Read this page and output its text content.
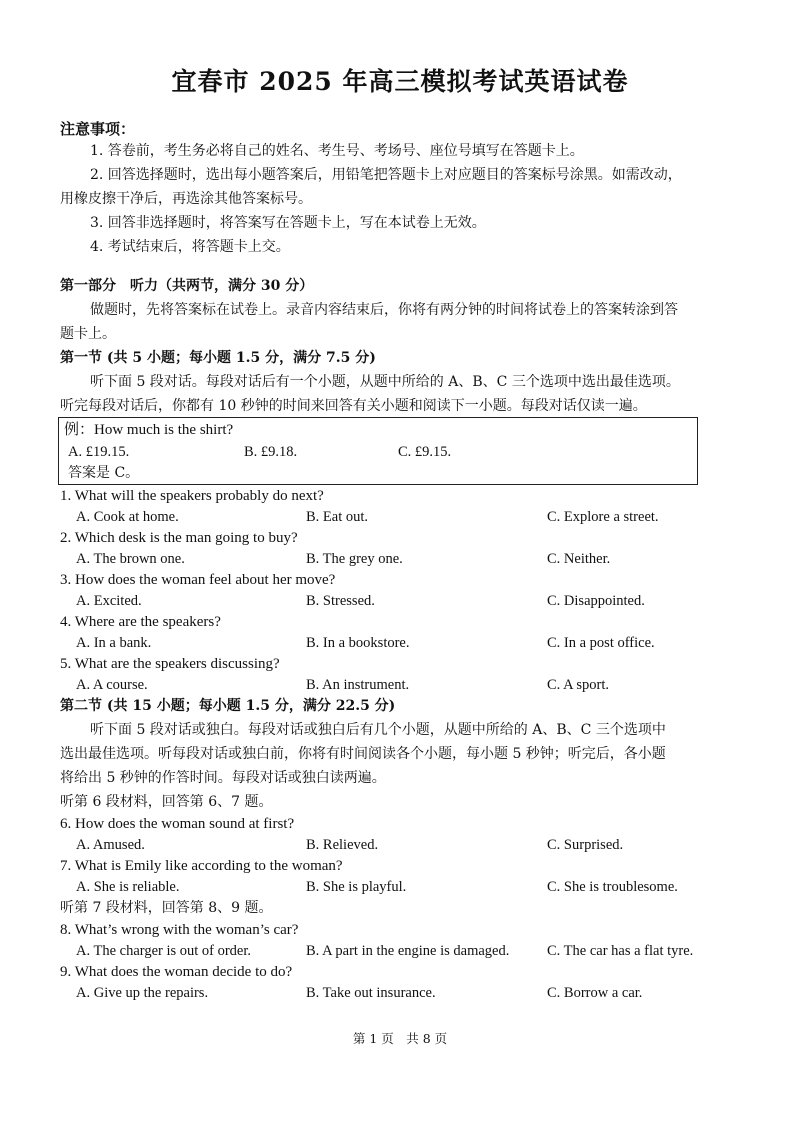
宜春市 2025 年高三模拟考试英语试卷
注意事项：
1. 答卷前，考生务必将自己的姓名、考生号、考场号、座位号填写在答题卡上。
2. 回答选择题时，选出每小题答案后，用铅笔把答题卡上对应题目的答案标号涂黑。如需改动，
用橡皮擦干净后，再选涂其他答案标号。
3. 回答非选择题时，将答案写在答题卡上，写在本试卷上无效。
4. 考试结束后，将答题卡上交。
第一部分　听力（共两节，满分 30 分）
做题时，先将答案标在试卷上。录音内容结束后，你将有两分钟的时间将试卷上的答案转涂到答
题卡上。
第一节 (共 5 小题；每小题 1.5 分，满分 7.5 分)
听下面 5 段对话。每段对话后有一个小题，从题中所给的 A、B、C 三个选项中选出最佳选项。
听完每段对话后，你都有 10 秒钟的时间来回答有关小题和阅读下一小题。每段对话仅读一遍。
例：How much is the shirt?
A. £19.15.	B. £9.18.	C. £9.15.
答案是 C。
1. What will the speakers probably do next?
A. Cook at home.	B. Eat out.	C. Explore a street.
2. Which desk is the man going to buy?
A. The brown one.	B. The grey one.	C. Neither.
3. How does the woman feel about her move?
A. Excited.	B. Stressed.	C. Disappointed.
4. Where are the speakers?
A. In a bank.	B. In a bookstore.	C. In a post office.
5. What are the speakers discussing?
A. A course.	B. An instrument.	C. A sport.
第二节 (共 15 小题；每小题 1.5 分，满分 22.5 分)
听下面 5 段对话或独白。每段对话或独白后有几个小题，从题中所给的 A、B、C 三个选项中
选出最佳选项。听每段对话或独白前，你将有时间阅读各个小题，每小题 5 秒钟；听完后，各小题
将给出 5 秒钟的作答时间。每段对话或独白读两遍。
听第 6 段材料，回答第 6、7 题。
6. How does the woman sound at first?
A. Amused.	B. Relieved.	C. Surprised.
7. What is Emily like according to the woman?
A. She is reliable.	B. She is playful.	C. She is troublesome.
听第 7 段材料，回答第 8、9 题。
8. What’s wrong with the woman’s car?
A. The charger is out of order.	B. A part in the engine is damaged.	C. The car has a flat tyre.
9. What does the woman decide to do?
A. Give up the repairs.	B. Take out insurance.	C. Borrow a car.
第 1 页　共 8 页
